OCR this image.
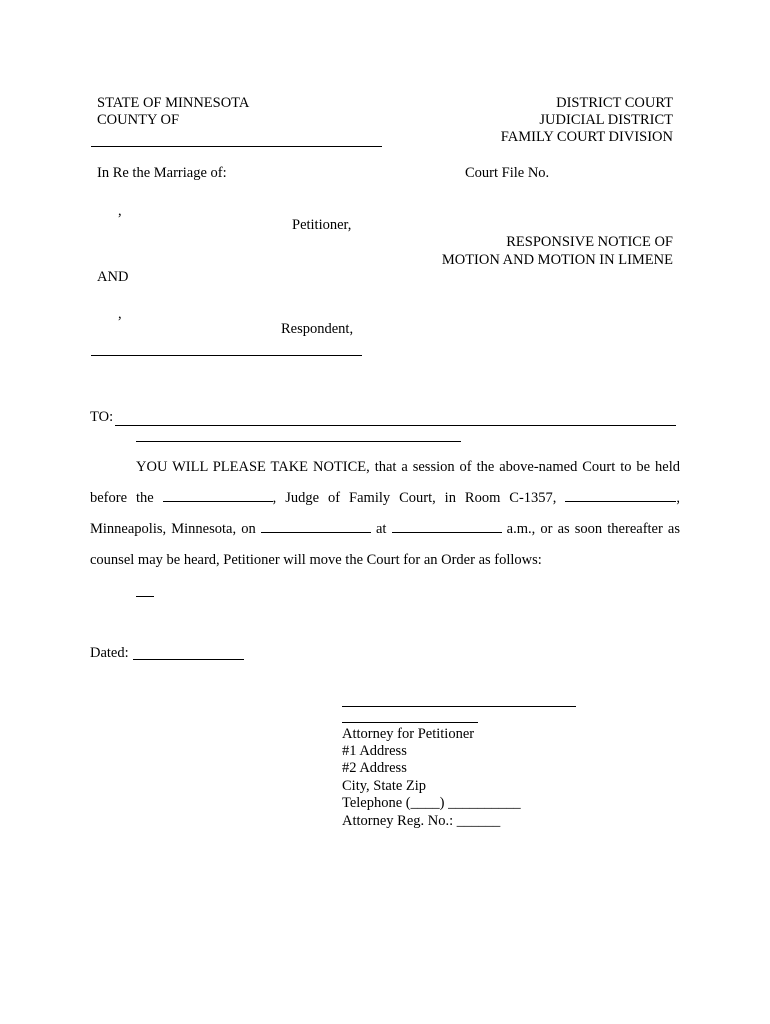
STATE OF MINNESOTA
COUNTY OF
DISTRICT COURT
JUDICIAL DISTRICT
FAMILY COURT DIVISION
In Re the Marriage of:	Court File No.
,
Petitioner,
RESPONSIVE NOTICE OF
MOTION AND MOTION IN LIMENE
AND
,
Respondent,
TO:
YOU WILL PLEASE TAKE NOTICE, that a session of the above-named Court to be held
before the	, Judge of Family Court, in Room C-1357,	,
Minneapolis, Minnesota, on	at	a.m., or as soon thereafter as
counsel may be heard, Petitioner will move the Court for an Order as follows:
Dated:
Attorney for Petitioner
#1 Address
#2 Address
City, State Zip
Telephone (____) __________
Attorney Reg. No.: ______
